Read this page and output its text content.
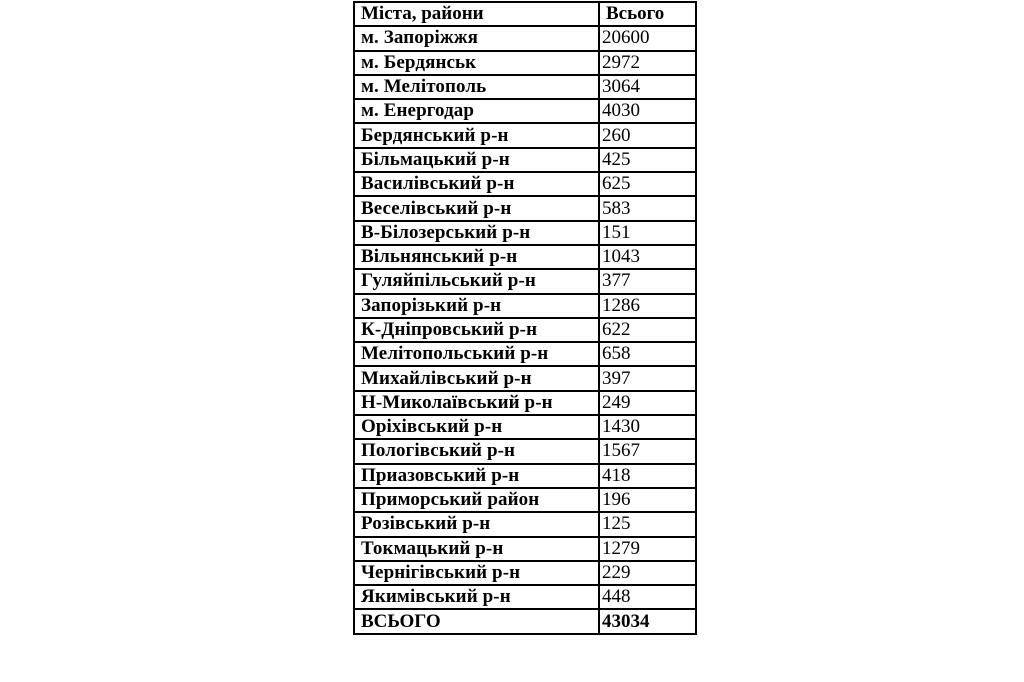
Міста, райони	Всього
м. Запоріжжя	20600
м. Бердянськ	2972
м. Мелітополь	3064
м. Енергодар	4030
Бердянський р-н	260
Більмацький р-н	425
Василівський р-н	625
Веселівський р-н	583
В-Білозерський р-н	151
Вільнянський р-н	1043
Гуляйпільський р-н	377
Запорізький р-н	1286
К-Дніпровський р-н	622
Мелітопольський р-н	658
Михайлівський р-н	397
Н-Миколаївський р-н	249
Оріхівський р-н	1430
Пологівський р-н	1567
Приазовський р-н	418
Приморський район	196
Розівський р-н	125
Токмацький р-н	1279
Чернігівський р-н	229
Якимівський р-н	448
ВСЬОГО	43034
